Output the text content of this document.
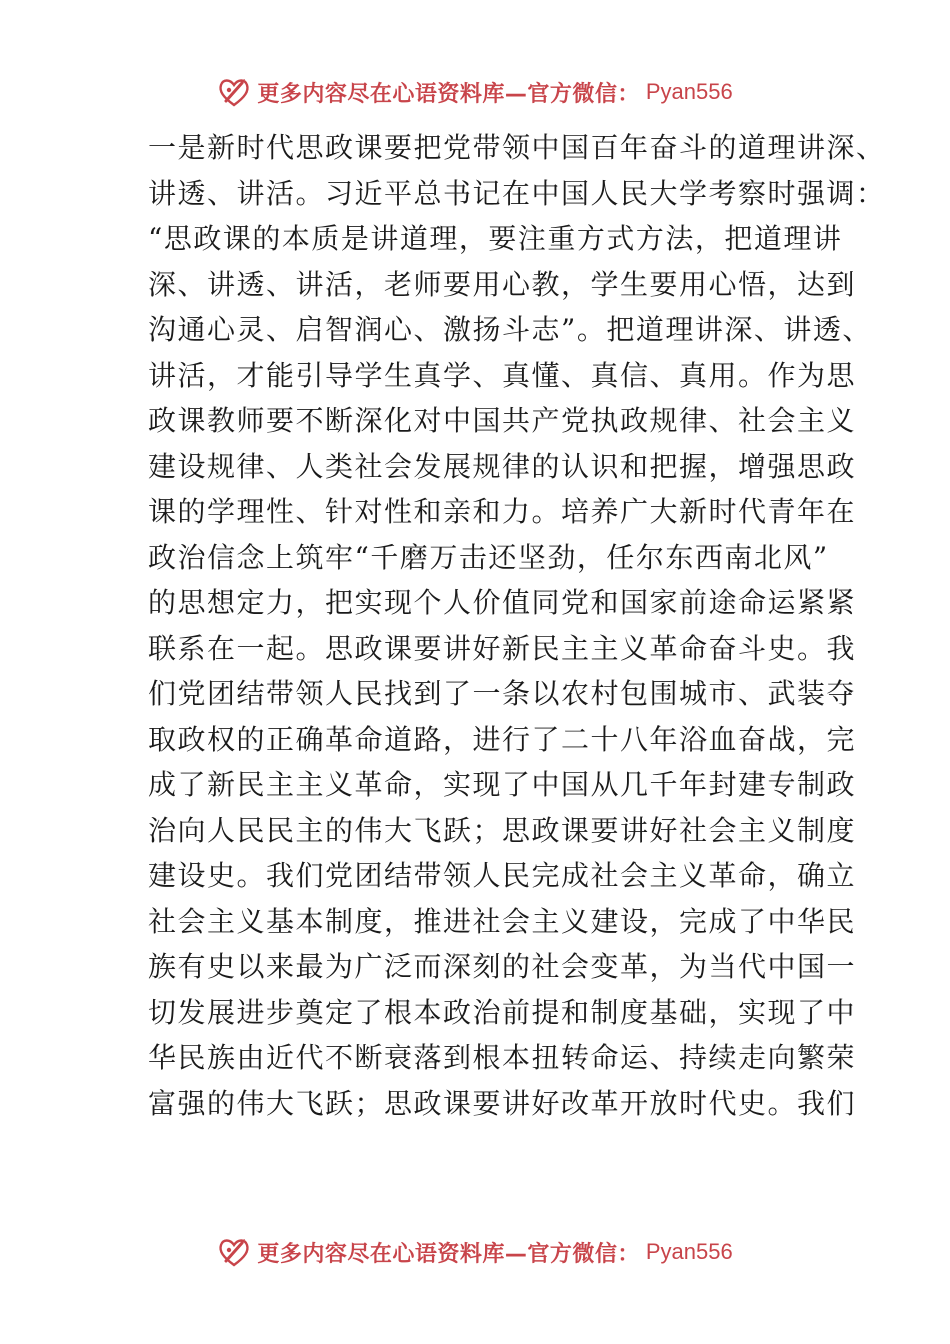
更多内容尽在心语资料库—官方微信： Pyan556
一是新时代思政课要把党带领中国百年奋斗的道理讲深、
讲透、讲活。习近平总书记在中国人民大学考察时强调：
“思政课的本质是讲道理，要注重方式方法，把道理讲
深、讲透、讲活，老师要用心教，学生要用心悟，达到
沟通心灵、启智润心、激扬斗志”。把道理讲深、讲透、
讲活，才能引导学生真学、真懂、真信、真用。作为思
政课教师要不断深化对中国共产党执政规律、社会主义
建设规律、人类社会发展规律的认识和把握，增强思政
课的学理性、针对性和亲和力。培养广大新时代青年在
政治信念上筑牢“千磨万击还坚劲，任尔东西南北风”
的思想定力，把实现个人价值同党和国家前途命运紧紧
联系在一起。思政课要讲好新民主主义革命奋斗史。我
们党团结带领人民找到了一条以农村包围城市、武装夺
取政权的正确革命道路，进行了二十八年浴血奋战，完
成了新民主主义革命，实现了中国从几千年封建专制政
治向人民民主的伟大飞跃；思政课要讲好社会主义制度
建设史。我们党团结带领人民完成社会主义革命，确立
社会主义基本制度，推进社会主义建设，完成了中华民
族有史以来最为广泛而深刻的社会变革，为当代中国一
切发展进步奠定了根本政治前提和制度基础，实现了中
华民族由近代不断衰落到根本扭转命运、持续走向繁荣
富强的伟大飞跃；思政课要讲好改革开放时代史。我们
更多内容尽在心语资料库—官方微信： Pyan556
